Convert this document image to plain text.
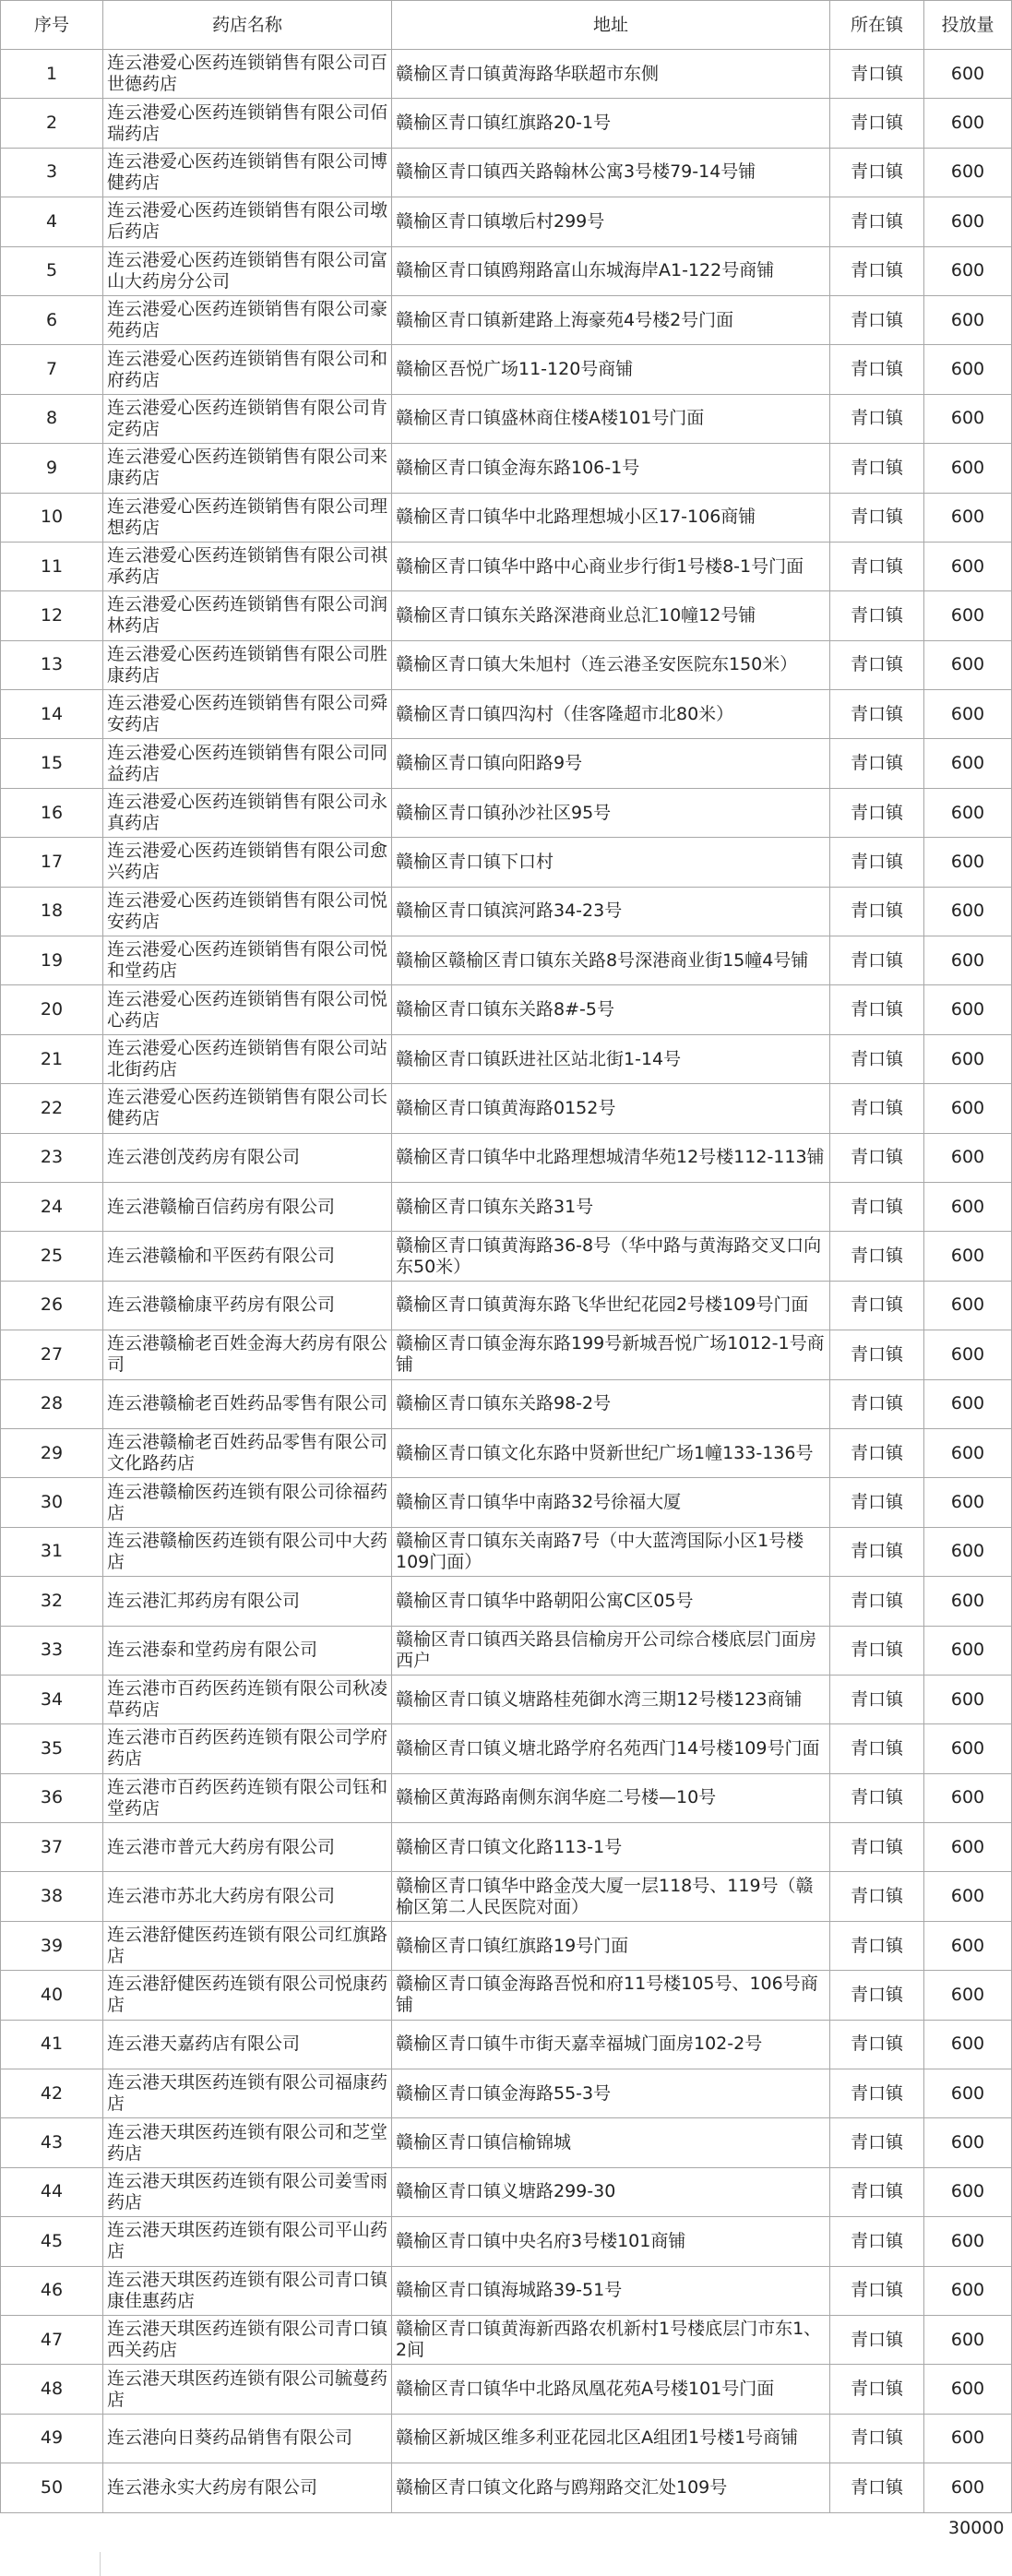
序号	药店名称	地址	所在镇	投放量
1	连云港爱心医药连锁销售有限公司百世德药店	赣榆区青口镇黄海路华联超市东侧	青口镇	600
2	连云港爱心医药连锁销售有限公司佰瑞药店	赣榆区青口镇红旗路20-1号	青口镇	600
3	连云港爱心医药连锁销售有限公司博健药店	赣榆区青口镇西关路翰林公寓3号楼79-14号铺	青口镇	600
4	连云港爱心医药连锁销售有限公司墩后药店	赣榆区青口镇墩后村299号	青口镇	600
5	连云港爱心医药连锁销售有限公司富山大药房分公司	赣榆区青口镇鸥翔路富山东城海岸A1-122号商铺	青口镇	600
6	连云港爱心医药连锁销售有限公司豪苑药店	赣榆区青口镇新建路上海豪苑4号楼2号门面	青口镇	600
7	连云港爱心医药连锁销售有限公司和府药店	赣榆区吾悦广场11-120号商铺	青口镇	600
8	连云港爱心医药连锁销售有限公司肯定药店	赣榆区青口镇盛林商住楼A楼101号门面	青口镇	600
9	连云港爱心医药连锁销售有限公司来康药店	赣榆区青口镇金海东路106-1号	青口镇	600
10	连云港爱心医药连锁销售有限公司理想药店	赣榆区青口镇华中北路理想城小区17-106商铺	青口镇	600
11	连云港爱心医药连锁销售有限公司祺承药店	赣榆区青口镇华中路中心商业步行街1号楼8-1号门面	青口镇	600
12	连云港爱心医药连锁销售有限公司润林药店	赣榆区青口镇东关路深港商业总汇10幢12号铺	青口镇	600
13	连云港爱心医药连锁销售有限公司胜康药店	赣榆区青口镇大朱旭村（连云港圣安医院东150米）	青口镇	600
14	连云港爱心医药连锁销售有限公司舜安药店	赣榆区青口镇四沟村（佳客隆超市北80米）	青口镇	600
15	连云港爱心医药连锁销售有限公司同益药店	赣榆区青口镇向阳路9号	青口镇	600
16	连云港爱心医药连锁销售有限公司永真药店	赣榆区青口镇孙沙社区95号	青口镇	600
17	连云港爱心医药连锁销售有限公司愈兴药店	赣榆区青口镇下口村	青口镇	600
18	连云港爱心医药连锁销售有限公司悦安药店	赣榆区青口镇滨河路34-23号	青口镇	600
19	连云港爱心医药连锁销售有限公司悦和堂药店	赣榆区赣榆区青口镇东关路8号深港商业街15幢4号铺	青口镇	600
20	连云港爱心医药连锁销售有限公司悦心药店	赣榆区青口镇东关路8#-5号	青口镇	600
21	连云港爱心医药连锁销售有限公司站北街药店	赣榆区青口镇跃进社区站北街1-14号	青口镇	600
22	连云港爱心医药连锁销售有限公司长健药店	赣榆区青口镇黄海路0152号	青口镇	600
23	连云港创茂药房有限公司	赣榆区青口镇华中北路理想城清华苑12号楼112-113铺	青口镇	600
24	连云港赣榆百信药房有限公司	赣榆区青口镇东关路31号	青口镇	600
25	连云港赣榆和平医药有限公司	赣榆区青口镇黄海路36-8号（华中路与黄海路交叉口向东50米）	青口镇	600
26	连云港赣榆康平药房有限公司	赣榆区青口镇黄海东路飞华世纪花园2号楼109号门面	青口镇	600
27	连云港赣榆老百姓金海大药房有限公司	赣榆区青口镇金海东路199号新城吾悦广场1012-1号商铺	青口镇	600
28	连云港赣榆老百姓药品零售有限公司	赣榆区青口镇东关路98-2号	青口镇	600
29	连云港赣榆老百姓药品零售有限公司文化路药店	赣榆区青口镇文化东路中贤新世纪广场1幢133-136号	青口镇	600
30	连云港赣榆医药连锁有限公司徐福药店	赣榆区青口镇华中南路32号徐福大厦	青口镇	600
31	连云港赣榆医药连锁有限公司中大药店	赣榆区青口镇东关南路7号（中大蓝湾国际小区1号楼109门面）	青口镇	600
32	连云港汇邦药房有限公司	赣榆区青口镇华中路朝阳公寓C区05号	青口镇	600
33	连云港泰和堂药房有限公司	赣榆区青口镇西关路县信榆房开公司综合楼底层门面房西户	青口镇	600
34	连云港市百药医药连锁有限公司秋凌草药店	赣榆区青口镇义塘路桂苑御水湾三期12号楼123商铺	青口镇	600
35	连云港市百药医药连锁有限公司学府药店	赣榆区青口镇义塘北路学府名苑西门14号楼109号门面	青口镇	600
36	连云港市百药医药连锁有限公司钰和堂药店	赣榆区黄海路南侧东润华庭二号楼—10号	青口镇	600
37	连云港市普元大药房有限公司	赣榆区青口镇文化路113-1号	青口镇	600
38	连云港市苏北大药房有限公司	赣榆区青口镇华中路金茂大厦一层118号、119号（赣榆区第二人民医院对面）	青口镇	600
39	连云港舒健医药连锁有限公司红旗路店	赣榆区青口镇红旗路19号门面	青口镇	600
40	连云港舒健医药连锁有限公司悦康药店	赣榆区青口镇金海路吾悦和府11号楼105号、106号商铺	青口镇	600
41	连云港天嘉药店有限公司	赣榆区青口镇牛市街天嘉幸福城门面房102-2号	青口镇	600
42	连云港天琪医药连锁有限公司福康药店	赣榆区青口镇金海路55-3号	青口镇	600
43	连云港天琪医药连锁有限公司和芝堂药店	赣榆区青口镇信榆锦城	青口镇	600
44	连云港天琪医药连锁有限公司姜雪雨药店	赣榆区青口镇义塘路299-30	青口镇	600
45	连云港天琪医药连锁有限公司平山药店	赣榆区青口镇中央名府3号楼101商铺	青口镇	600
46	连云港天琪医药连锁有限公司青口镇康佳惠药店	赣榆区青口镇海城路39-51号	青口镇	600
47	连云港天琪医药连锁有限公司青口镇西关药店	赣榆区青口镇黄海新西路农机新村1号楼底层门市东1、2间	青口镇	600
48	连云港天琪医药连锁有限公司毓蔓药店	赣榆区青口镇华中北路凤凰花苑A号楼101号门面	青口镇	600
49	连云港向日葵药品销售有限公司	赣榆区新城区维多利亚花园北区A组团1号楼1号商铺	青口镇	600
50	连云港永实大药房有限公司	赣榆区青口镇文化路与鸥翔路交汇处109号	青口镇	600
				30000
